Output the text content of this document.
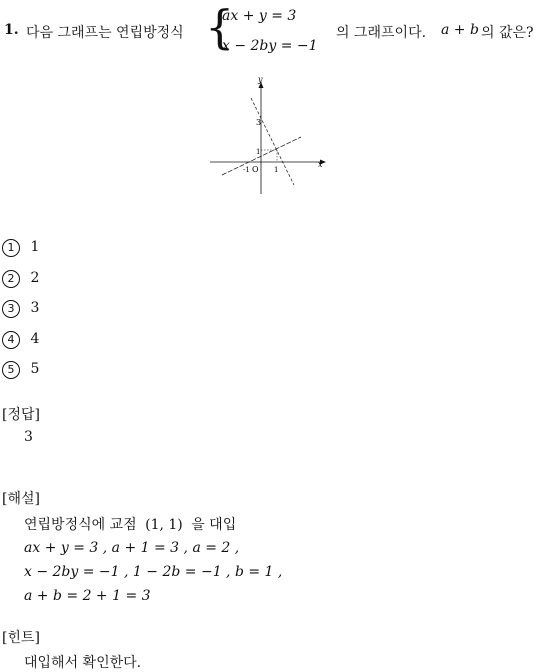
1. 다음 그래프는 연립방정식 {
ax + y = 3
x − 2by = −1
의 그래프이다. a + b 의 값은?
3
1
-1 O 1
x
y
1 1
2 2
3 3
4 4
5 5
[정답]
3
[해설]
연립방정식에 교점 (1, 1) 을 대입
ax + y = 3 , a + 1 = 3 , a = 2 ,
x − 2by = −1 , 1 − 2b = −1 , b = 1 ,
a + b = 2 + 1 = 3
[힌트]
대입해서 확인한다.
